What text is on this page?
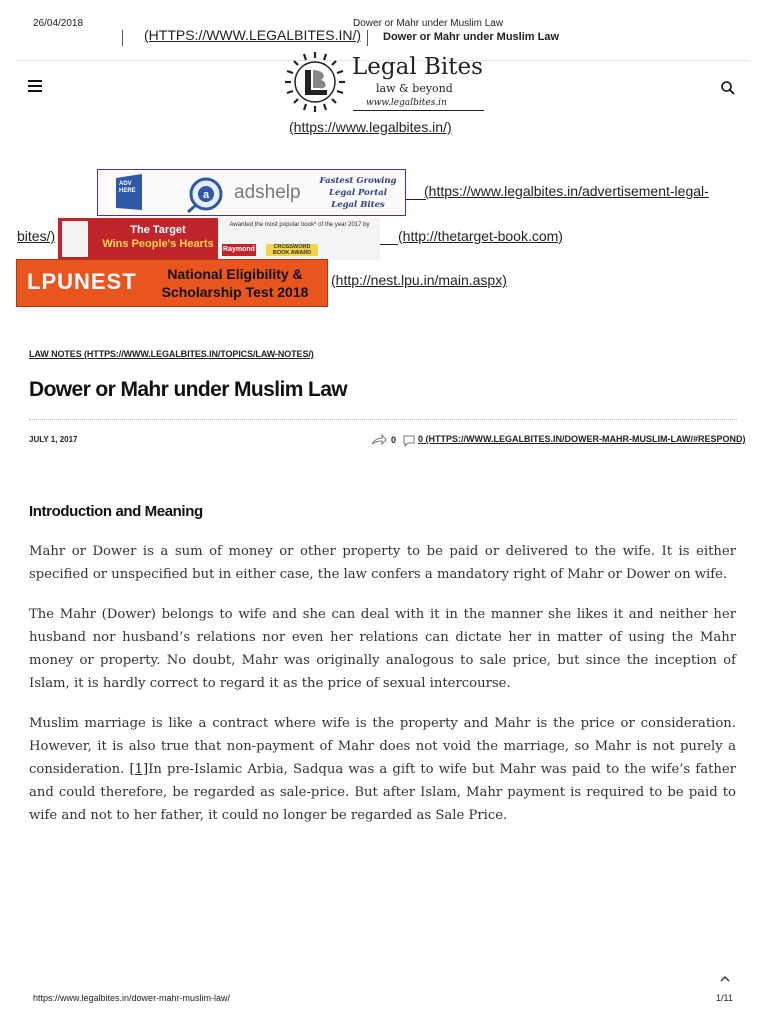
26/04/2018	Dower or Mahr under Muslim Law
(HTTPS://WWW.LEGALBITES.IN/) Dower or Mahr under Muslim Law
Legal Bites
law & beyond
www.legalbites.in
(https://www.legalbites.in/)
ADV HERE	a adshelp
Fastest Growing Legal Portal Legal Bites
(https://www.legalbites.in/advertisement-legal-
bites/)	The Target
Wins People's Hearts
Awarded the most popular book* of the year 2017 by
Raymond	CROSSWORD BOOK AWARD
(http://thetarget-book.com)
LPUNEST	National Eligibility &
Scholarship Test 2018
(http://nest.lpu.in/main.aspx)
LAW NOTES (HTTPS://WWW.LEGALBITES.IN/TOPICS/LAW-NOTES/)
Dower or Mahr under Muslim Law
JULY 1, 2017	0 0 (HTTPS://WWW.LEGALBITES.IN/DOWER-MAHR-MUSLIM-LAW/#RESPOND)
Introduction and Meaning

Mahr or Dower is a sum of money or other property to be paid or delivered to the wife. It is either specified or unspecified but in either case, the law confers a mandatory right of Mahr or Dower on wife.

The Mahr (Dower) belongs to wife and she can deal with it in the manner she likes it and neither her husband nor husband’s relations nor even her relations can dictate her in matter of using the Mahr money or property. No doubt, Mahr was originally analogous to sale price, but since the inception of Islam, it is hardly correct to regard it as the price of sexual intercourse.

Muslim marriage is like a contract where wife is the property and Mahr is the price or consideration. However, it is also true that non-payment of Mahr does not void the marriage, so Mahr is not purely a consideration. [1]In pre-Islamic Arbia, Sadqua was a gift to wife but Mahr was paid to the wife’s father and could therefore, be regarded as sale-price. But after Islam, Mahr payment is required to be paid to wife and not to her father, it could no longer be regarded as Sale Price.

https://www.legalbites.in/dower-mahr-muslim-law/	1/11
